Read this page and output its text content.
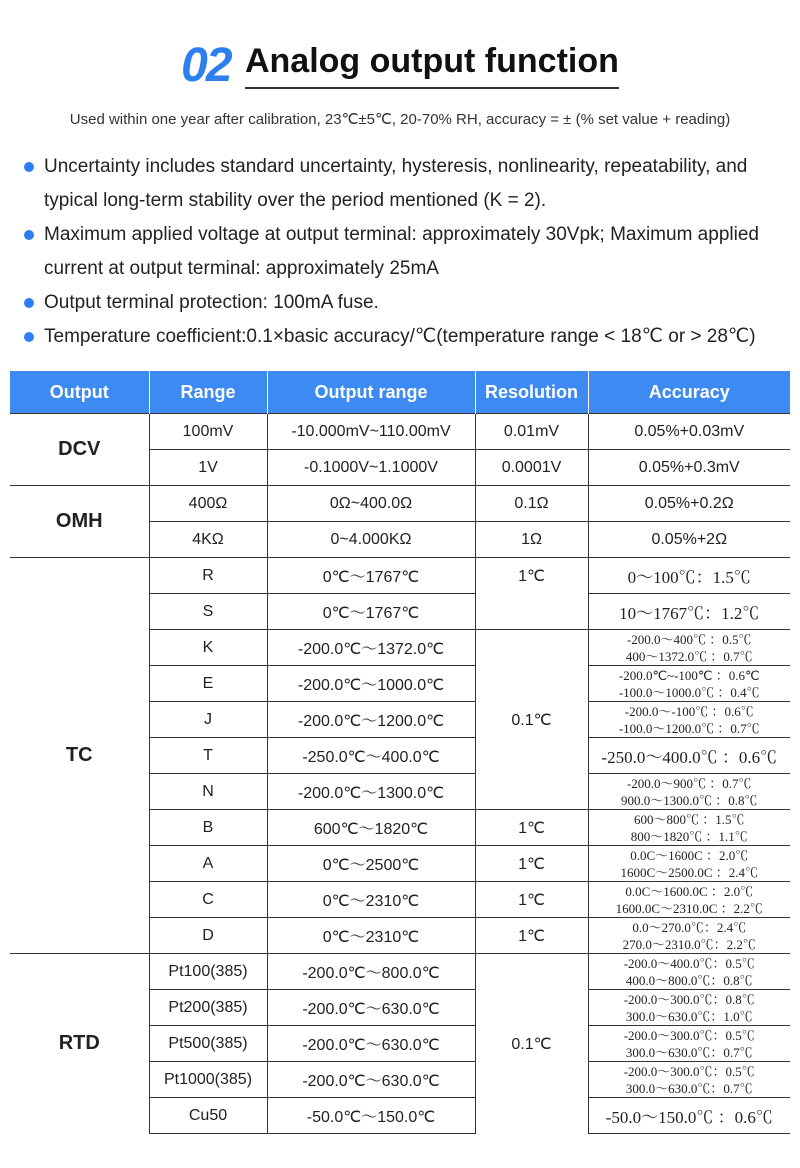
02 Analog output function
Used within one year after calibration, 23℃±5℃, 20-70% RH, accuracy = ± (% set value + reading)
Uncertainty includes standard uncertainty, hysteresis, nonlinearity, repeatability, and typical long-term stability over the period mentioned (K = 2).
Maximum applied voltage at output terminal: approximately 30Vpk; Maximum applied current at output terminal: approximately 25mA
Output terminal protection: 100mA fuse.
Temperature coefficient:0.1×basic accuracy/℃(temperature range < 18℃ or > 28℃)
Output	Range	Output range	Resolution	Accuracy
DCV	100mV	-10.000mV~110.00mV	0.01mV	0.05%+0.03mV
	1V	-0.1000V~1.1000V	0.0001V	0.05%+0.3mV
OMH	400Ω	0Ω~400.0Ω	0.1Ω	0.05%+0.2Ω
	4KΩ	0~4.000KΩ	1Ω	0.05%+2Ω
TC	R	0℃～1767℃	1℃	0～100℃：1.5℃
	S	0℃～1767℃		10～1767℃：1.2℃
	K	-200.0℃～1372.0℃	0.1℃	-200.0～400℃ ：0.5℃
400～1372.0℃ ：0.7℃

	E	-200.0℃～1000.0℃		-200.0℃~-100℃ ：0.6℃
-100.0～1000.0℃ ：0.4℃

	J	-200.0℃～1200.0℃		-200.0～-100℃ ：0.6℃
-100.0～1200.0℃ ：0.7℃

	T	-250.0℃～400.0℃		-250.0～400.0℃ ：0.6℃
	N	-200.0℃～1300.0℃		-200.0～900℃ ：0.7℃
900.0～1300.0℃ ：0.8℃

	B	600℃～1820℃	1℃	600～800℃ ：1.5℃
800～1820℃ ：1.1℃

	A	0℃～2500℃	1℃	0.0C～1600C ：2.0℃
1600C～2500.0C ：2.4℃

	C	0℃～2310℃	1℃	0.0C～1600.0C ：2.0℃
1600.0C～2310.0C ：2.2℃

	D	0℃～2310℃	1℃	0.0～270.0℃：2.4℃
270.0～2310.0℃：2.2℃

RTD	Pt100(385)	-200.0℃～800.0℃	0.1℃	-200.0～400.0℃：0.5℃
400.0～800.0℃：0.8℃

	Pt200(385)	-200.0℃～630.0℃		-200.0～300.0℃：0.8℃
300.0～630.0℃：1.0℃

	Pt500(385)	-200.0℃～630.0℃		-200.0～300.0℃：0.5℃
300.0～630.0℃：0.7℃

	Pt1000(385)	-200.0℃～630.0℃		-200.0～300.0℃：0.5℃
300.0～630.0℃：0.7℃

	Cu50	-50.0℃～150.0℃		-50.0～150.0℃ ：0.6℃
